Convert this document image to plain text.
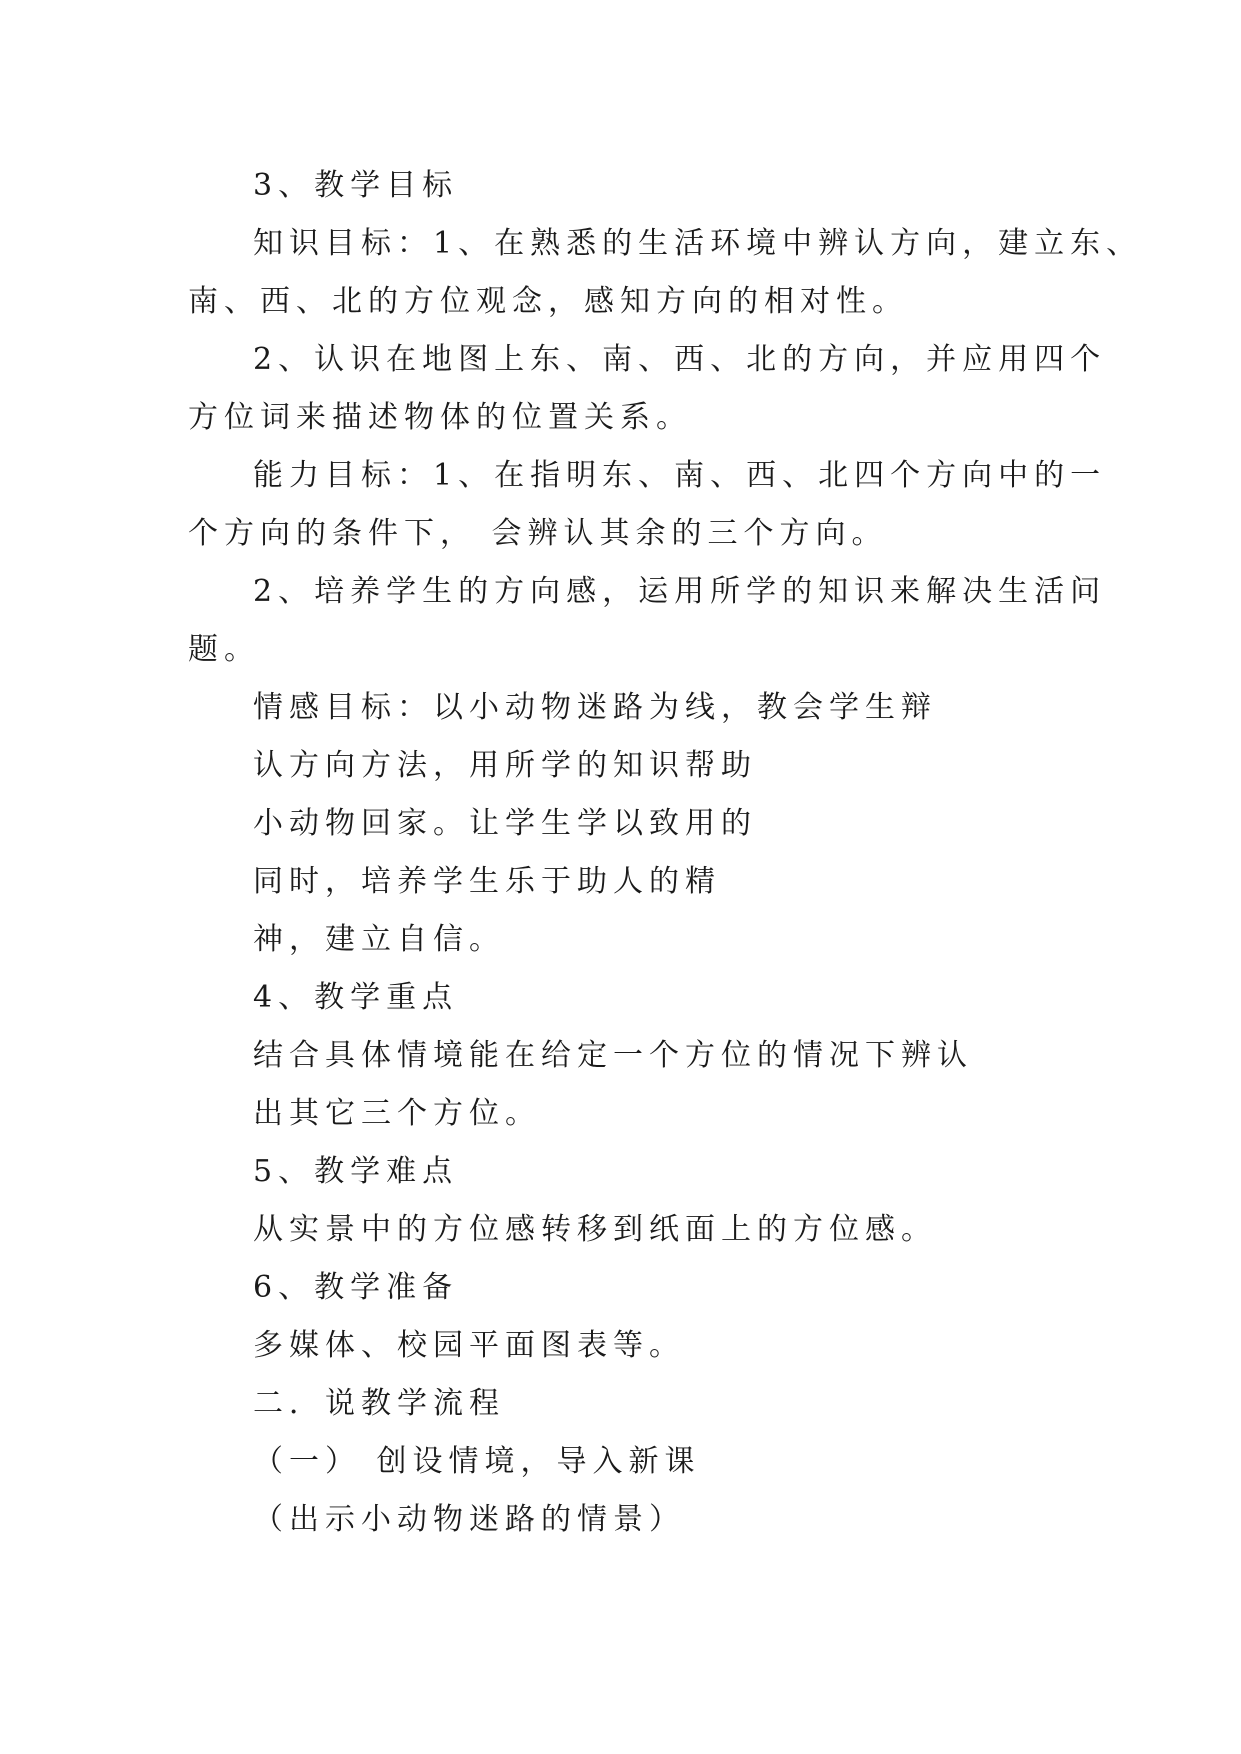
3、教学目标
知识目标：1、在熟悉的生活环境中辨认方向，建立东、
南、西、北的方位观念，感知方向的相对性。
2、认识在地图上东、南、西、北的方向，并应用四个
方位词来描述物体的位置关系。
能力目标：1、在指明东、南、西、北四个方向中的一
个方向的条件下， 会辨认其余的三个方向。
2、培养学生的方向感，运用所学的知识来解决生活问
题。
情感目标：以小动物迷路为线，教会学生辩
认方向方法，用所学的知识帮助
小动物回家。让学生学以致用的
同时，培养学生乐于助人的精
神，建立自信。
4、教学重点
结合具体情境能在给定一个方位的情况下辨认
出其它三个方位。
5、教学难点
从实景中的方位感转移到纸面上的方位感。
6、教学准备
多媒体、校园平面图表等。
二．说教学流程
（一） 创设情境，导入新课
（出示小动物迷路的情景）
